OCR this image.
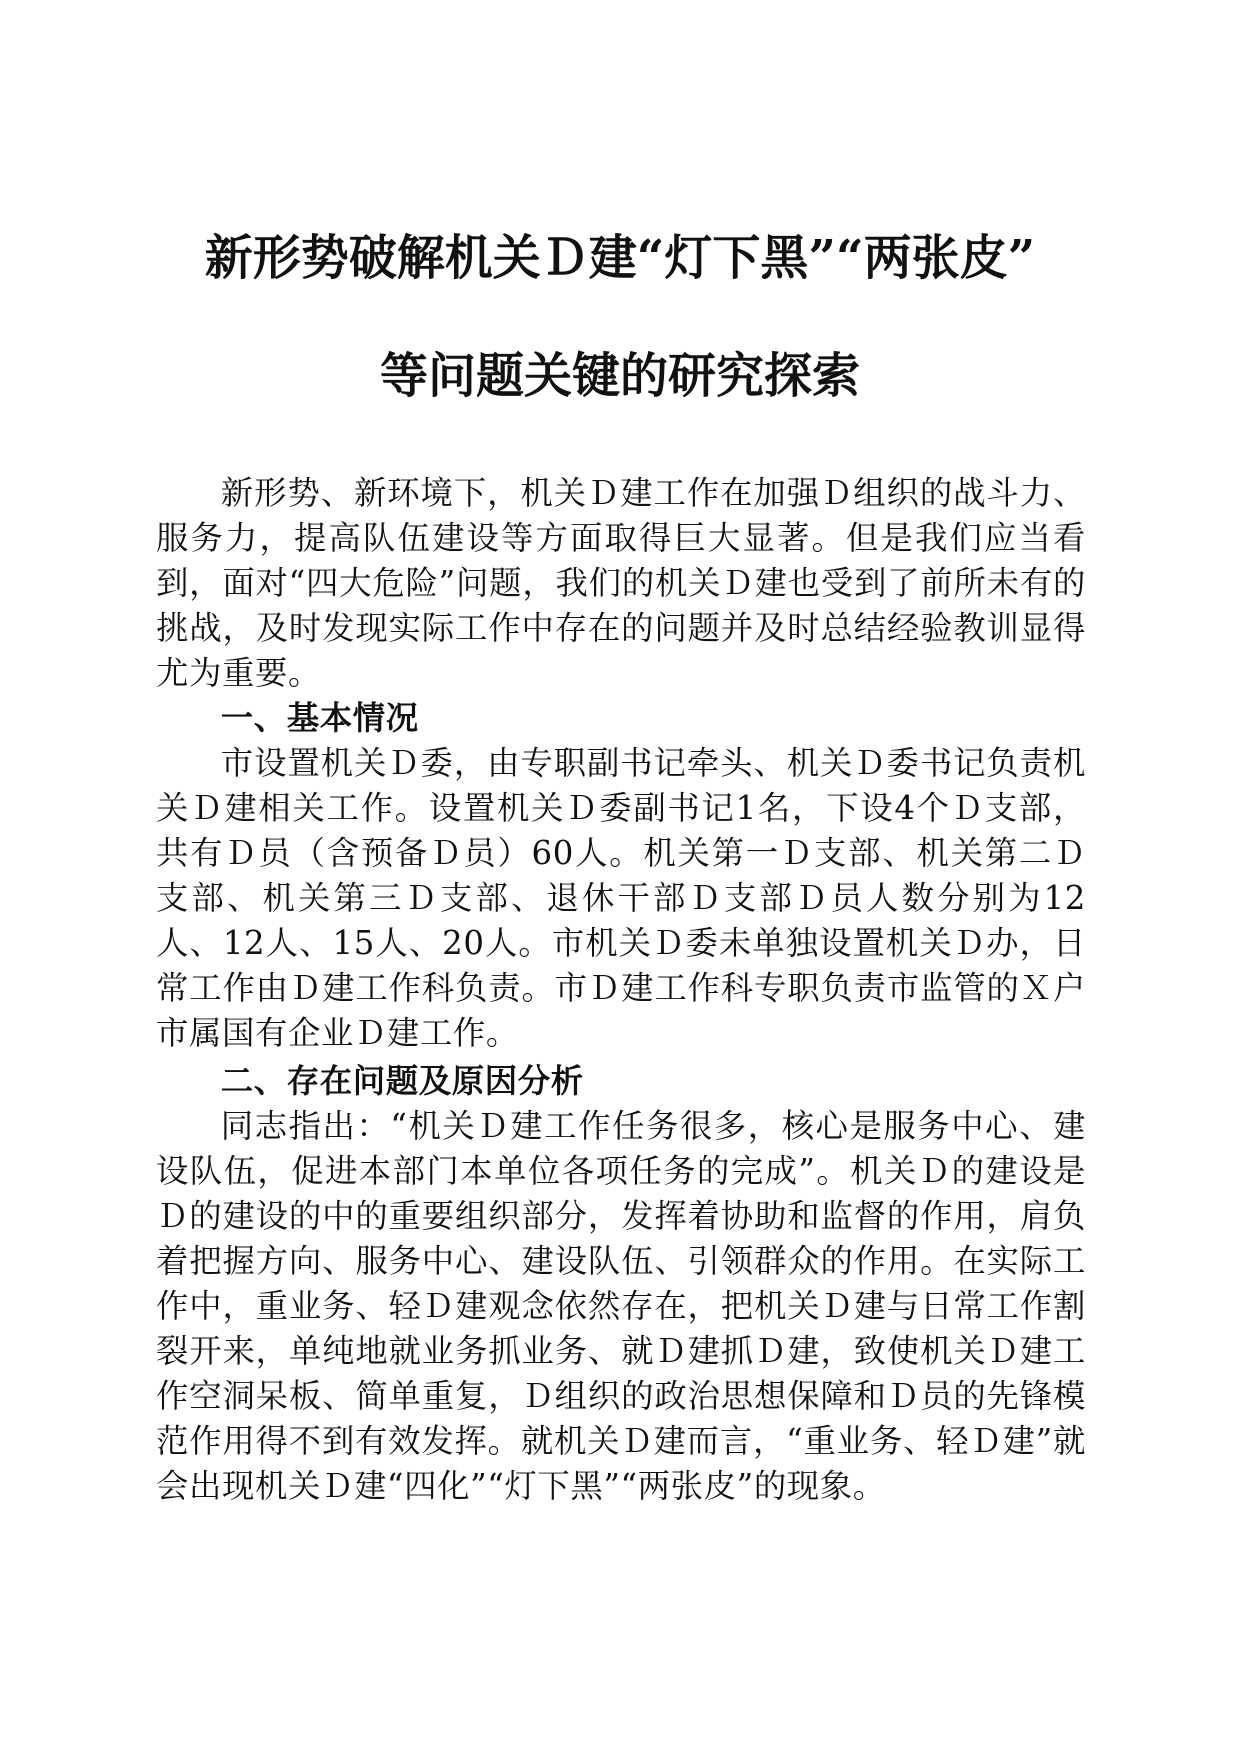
新形势破解机关Ｄ建“灯下黑”“两张皮”
等问题关键的研究探索

新形势、新环境下，机关Ｄ建工作在加强Ｄ组织的战斗力、服务力，提高队伍建设等方面取得巨大显著。但是我们应当看到，面对“四大危险”问题，我们的机关Ｄ建也受到了前所未有的挑战，及时发现实际工作中存在的问题并及时总结经验教训显得尤为重要。

一、基本情况

市设置机关Ｄ委，由专职副书记牵头、机关Ｄ委书记负责机关Ｄ建相关工作。设置机关Ｄ委副书记1名，下设4个Ｄ支部，共有Ｄ员（含预备Ｄ员）60人。机关第一Ｄ支部、机关第二Ｄ支部、机关第三Ｄ支部、退休干部Ｄ支部Ｄ员人数分别为12人、12人、15人、20人。市机关Ｄ委未单独设置机关Ｄ办，日常工作由Ｄ建工作科负责。市Ｄ建工作科专职负责市监管的Ｘ户市属国有企业Ｄ建工作。

二、存在问题及原因分析

同志指出：“机关Ｄ建工作任务很多，核心是服务中心、建设队伍，促进本部门本单位各项任务的完成”。机关Ｄ的建设是Ｄ的建设的中的重要组织部分，发挥着协助和监督的作用，肩负着把握方向、服务中心、建设队伍、引领群众的作用。在实际工作中，重业务、轻Ｄ建观念依然存在，把机关Ｄ建与日常工作割裂开来，单纯地就业务抓业务、就Ｄ建抓Ｄ建，致使机关Ｄ建工作空洞呆板、简单重复，Ｄ组织的政治思想保障和Ｄ员的先锋模范作用得不到有效发挥。就机关Ｄ建而言，“重业务、轻Ｄ建”就会出现机关Ｄ建“四化”“灯下黑”“两张皮”的现象。
